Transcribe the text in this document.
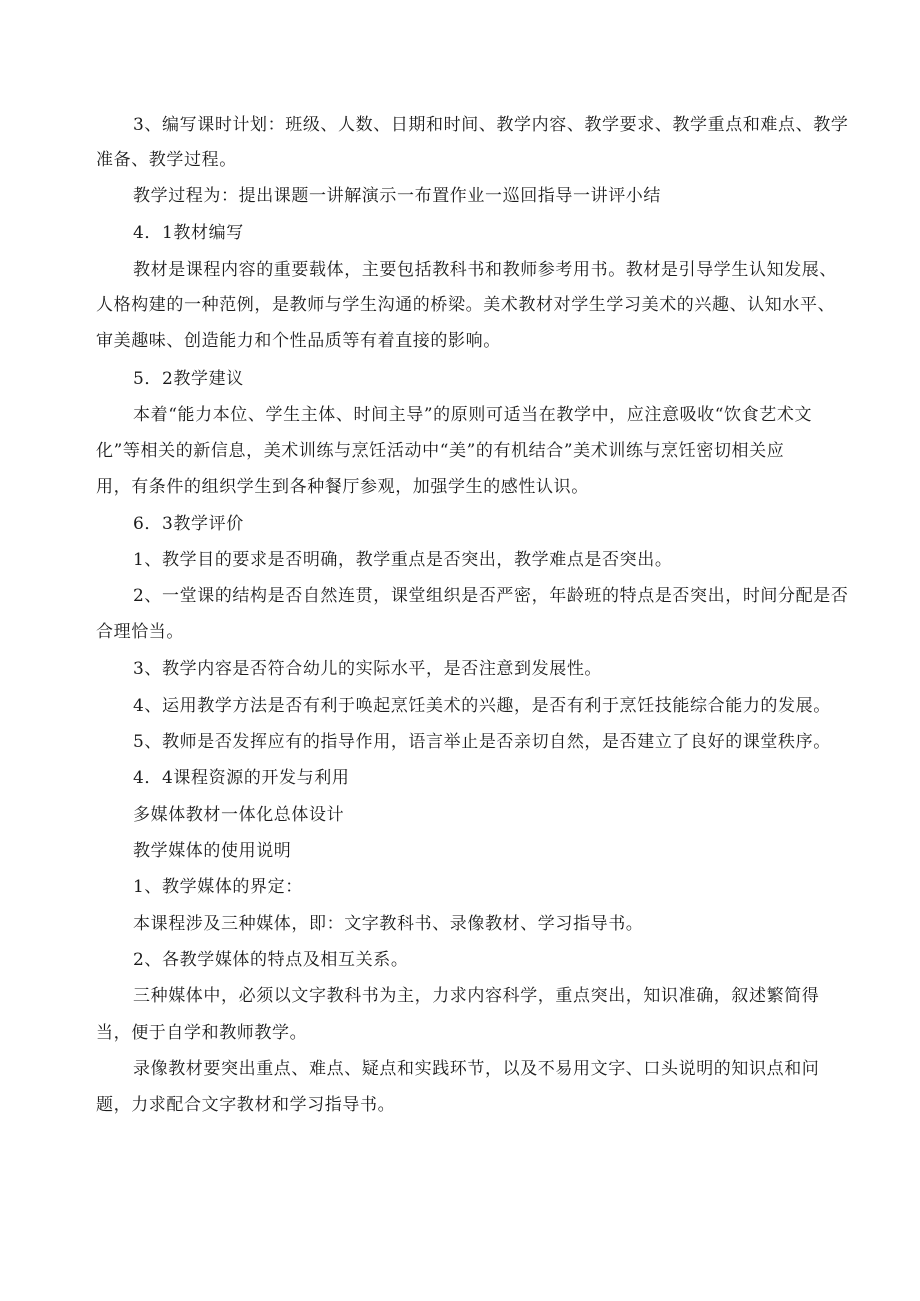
3、编写课时计划：班级、人数、日期和时间、教学内容、教学要求、教学重点和难点、教学
准备、教学过程。
教学过程为：提出课题一讲解演示一布置作业一巡回指导一讲评小结
4．1教材编写
教材是课程内容的重要载体，主要包括教科书和教师参考用书。教材是引导学生认知发展、
人格构建的一种范例，是教师与学生沟通的桥梁。美术教材对学生学习美术的兴趣、认知水平、
审美趣味、创造能力和个性品质等有着直接的影响。
5．2教学建议
本着“能力本位、学生主体、时间主导”的原则可适当在教学中，应注意吸收“饮食艺术文
化”等相关的新信息，美术训练与烹饪活动中“美”的有机结合”美术训练与烹饪密切相关应
用，有条件的组织学生到各种餐厅参观，加强学生的感性认识。
6．3教学评价
1、教学目的要求是否明确，教学重点是否突出，教学难点是否突出。
2、一堂课的结构是否自然连贯，课堂组织是否严密，年龄班的特点是否突出，时间分配是否
合理恰当。
3、教学内容是否符合幼儿的实际水平，是否注意到发展性。
4、运用教学方法是否有利于唤起烹饪美术的兴趣，是否有利于烹饪技能综合能力的发展。
5、教师是否发挥应有的指导作用，语言举止是否亲切自然，是否建立了良好的课堂秩序。
4．4课程资源的开发与利用
多媒体教材一体化总体设计
教学媒体的使用说明
1、教学媒体的界定：
本课程涉及三种媒体，即：文字教科书、录像教材、学习指导书。
2、各教学媒体的特点及相互关系。
三种媒体中，必须以文字教科书为主，力求内容科学，重点突出，知识准确，叙述繁简得
当，便于自学和教师教学。
录像教材要突出重点、难点、疑点和实践环节，以及不易用文字、口头说明的知识点和问
题，力求配合文字教材和学习指导书。
